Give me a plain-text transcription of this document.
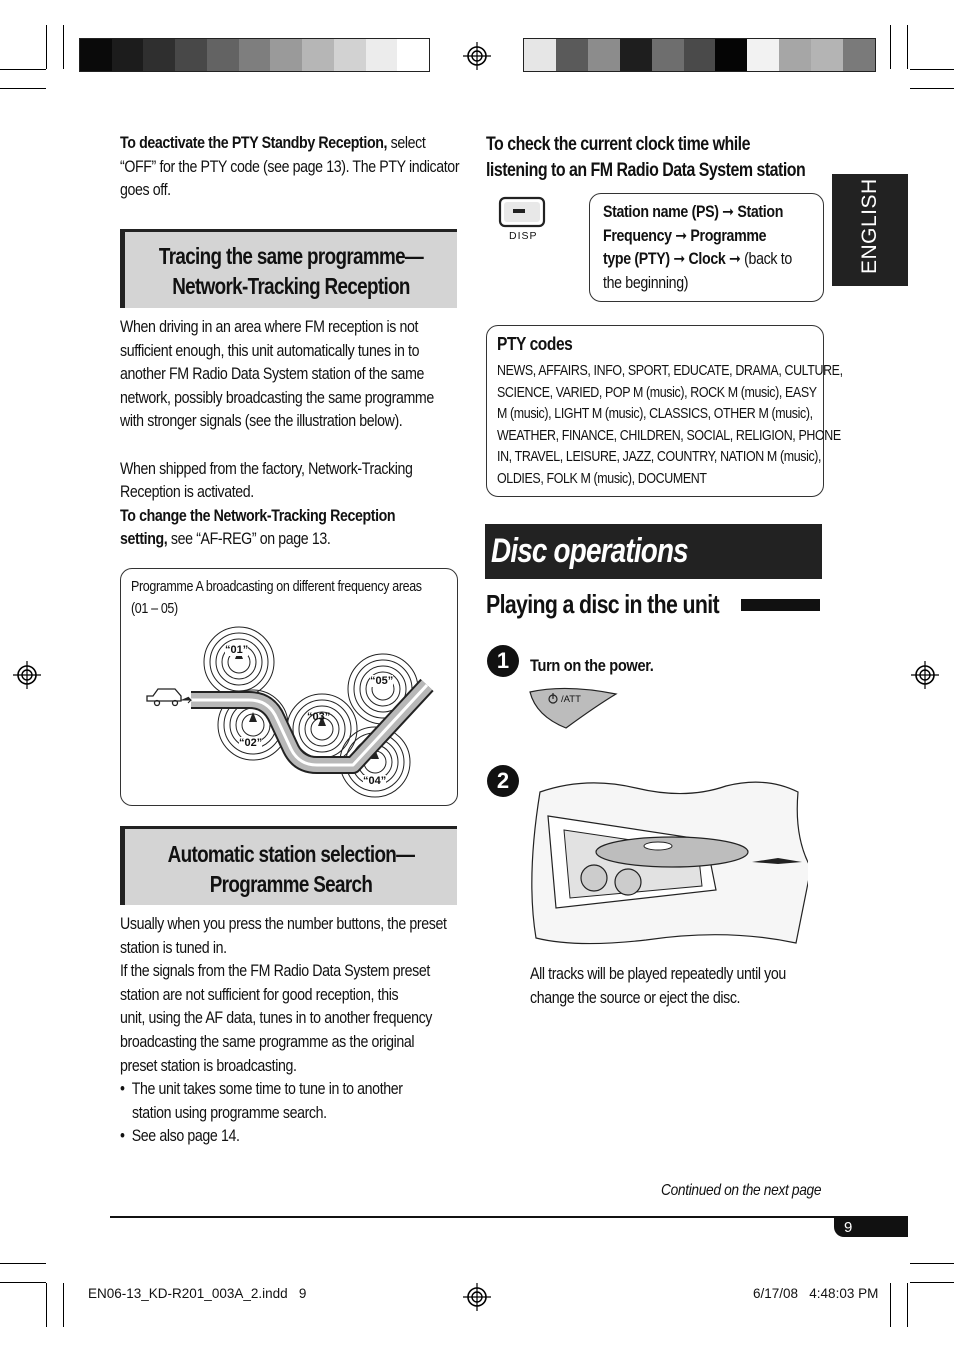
To deactivate the PTY Standby Reception, select
“OFF” for the PTY code (see page 13). The PTY indicator
goes off.
Tracing the same programme—
Network-Tracking Reception
When driving in an area where FM reception is not
sufficient enough, this unit automatically tunes in to
another FM Radio Data System station of the same
network, possibly broadcasting the same programme
with stronger signals (see the illustration below).

When shipped from the factory, Network-Tracking
Reception is activated.
To change the Network-Tracking Reception
setting, see “AF-REG” on page 13.
Programme A broadcasting on different frequency areas
(01 – 05)
“01”
“02”
“03”
“04”
“05”
Automatic station selection—
Programme Search
Usually when you press the number buttons, the preset
station is tuned in.
If the signals from the FM Radio Data System preset
station are not sufficient for good reception, this
unit, using the AF data, tunes in to another frequency
broadcasting the same programme as the original
preset station is broadcasting.
•  The unit takes some time to tune in to another
station using programme search.
•  See also page 14.
To check the current clock time while
listening to an FM Radio Data System station
DISP
Station name (PS) ➞ Station
Frequency ➞ Programme
type (PTY) ➞ Clock ➞ (back to
the beginning)
PTY codes
NEWS, AFFAIRS, INFO, SPORT, EDUCATE, DRAMA, CULTURE,
SCIENCE, VARIED, POP M (music), ROCK M (music), EASY
M (music), LIGHT M (music), CLASSICS, OTHER M (music),
WEATHER, FINANCE, CHILDREN, SOCIAL, RELIGION, PHONE
IN, TRAVEL, LEISURE, JAZZ, COUNTRY, NATION M (music),
OLDIES, FOLK M (music), DOCUMENT
Disc operations
Playing a disc in the unit
1	Turn on the power.
/ATT
2
All tracks will be played repeatedly until you
change the source or eject the disc.
ENGLISH
Continued on the next page
9
EN06-13_KD-R201_003A_2.indd   9	6/17/08   4:48:03 PM
